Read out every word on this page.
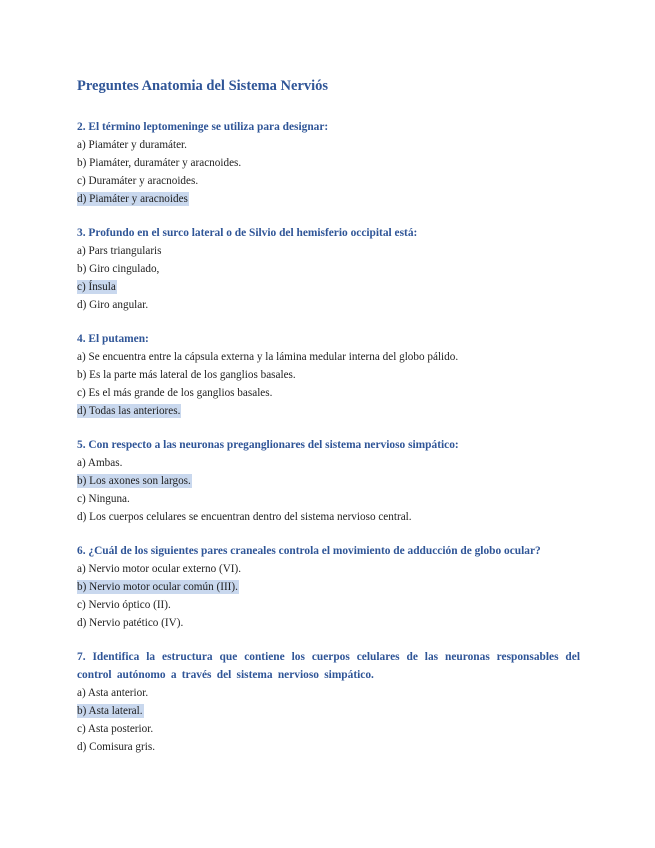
Preguntes Anatomia del Sistema Nerviós

2. El término leptomeninge se utiliza para designar:

a) Piamáter y duramáter.

b) Piamáter, duramáter y aracnoides.

c) Duramáter y aracnoides.

d) Piamáter y aracnoides

3. Profundo en el surco lateral o de Silvio del hemisferio occipital está:

a) Pars triangularis

b) Giro cingulado,

c) Ínsula

d) Giro angular.

4. El putamen:

a) Se encuentra entre la cápsula externa y la lámina medular interna del globo pálido.

b) Es la parte más lateral de los ganglios basales.

c) Es el más grande de los ganglios basales.

d) Todas las anteriores.

5. Con respecto a las neuronas preganglionares del sistema nervioso simpático:

a) Ambas.

b) Los axones son largos.

c) Ninguna.

d) Los cuerpos celulares se encuentran dentro del sistema nervioso central.

6. ¿Cuál de los siguientes pares craneales controla el movimiento de adducción de globo ocular?

a) Nervio motor ocular externo (VI).

b) Nervio motor ocular común (III).

c) Nervio óptico (II).

d) Nervio patético (IV).

7. Identifica la estructura que contiene los cuerpos celulares de las neuronas responsables del control autónomo a través del sistema nervioso simpático.

a) Asta anterior.

b) Asta lateral.

c) Asta posterior.

d) Comisura gris.
